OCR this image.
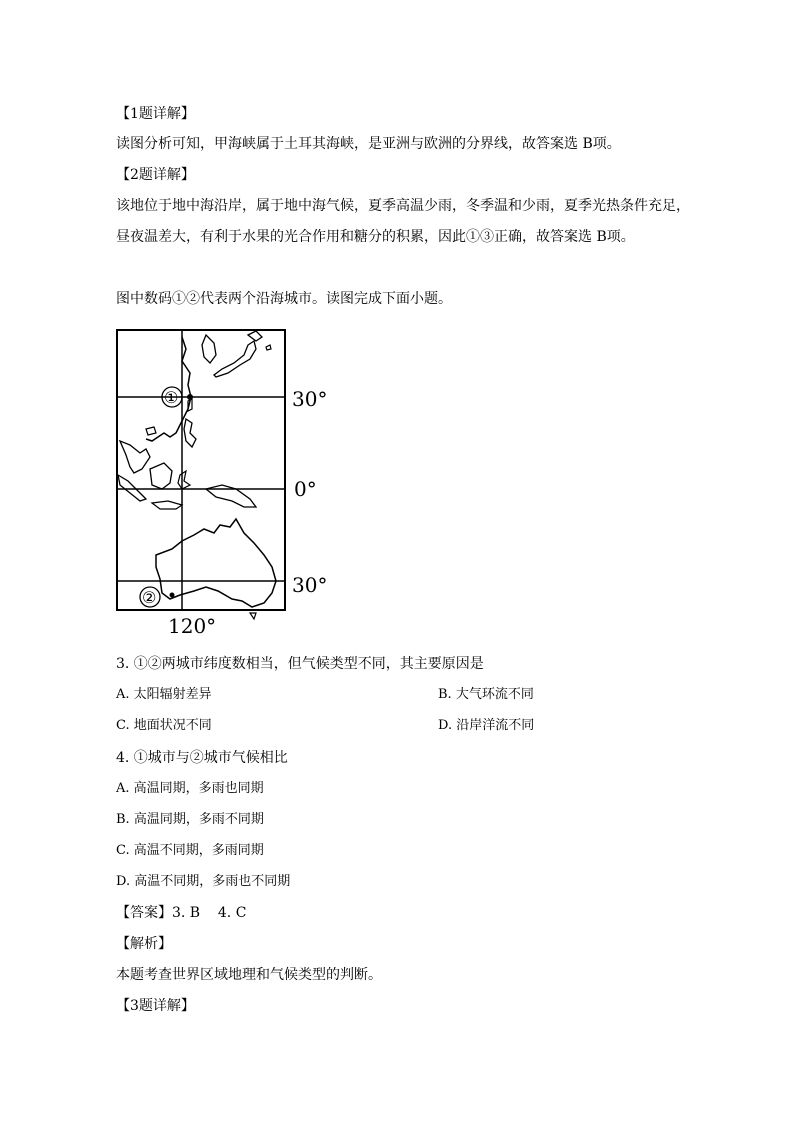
【1题详解】
读图分析可知，甲海峡属于土耳其海峡，是亚洲与欧洲的分界线，故答案选 B项。
【2题详解】
该地位于地中海沿岸，属于地中海气候，夏季高温少雨，冬季温和少雨，夏季光热条件充足，
昼夜温差大，有利于水果的光合作用和糖分的积累，因此①③正确，故答案选 B项。
图中数码①②代表两个沿海城市。读图完成下面小题。
①
②
30°
0°
30°
120°
3. ①②两城市纬度数相当，但气候类型不同，其主要原因是
A. 太阳辐射差异	B. 大气环流不同
C. 地面状况不同	D. 沿岸洋流不同
4. ①城市与②城市气候相比
A. 高温同期，多雨也同期
B. 高温同期，多雨不同期
C. 高温不同期，多雨同期
D. 高温不同期，多雨也不同期
【答案】3. B    4. C
【解析】
本题考查世界区域地理和气候类型的判断。
【3题详解】
